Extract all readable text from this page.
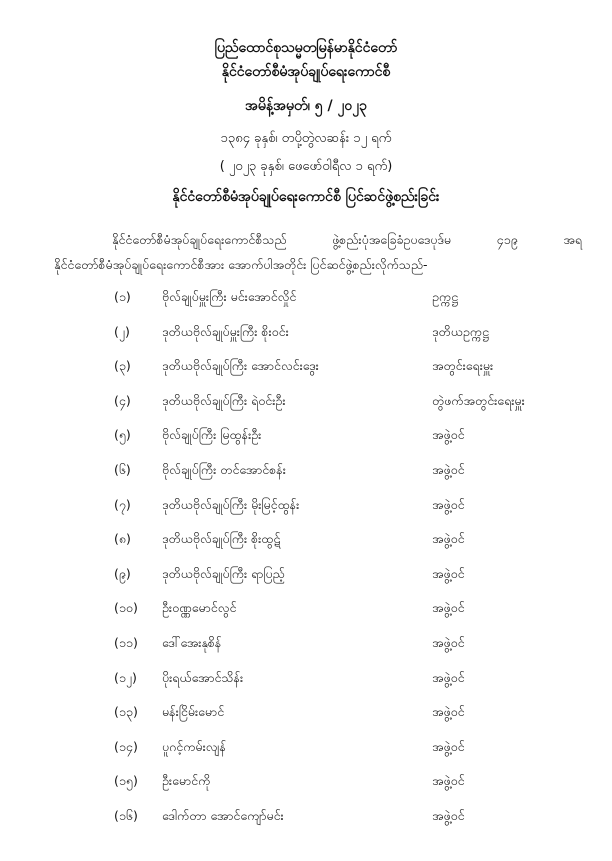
ပြည်ထောင်စုသမ္မတမြန်မာနိုင်ငံတော်
နိုင်ငံတော်စီမံအုပ်ချုပ်ရေးကောင်စီ
အမိန့်အမှတ်၊ ၅ / ၂၀၂၃
၁၃၈၄ ခုနှစ်၊ တပို့တွဲလဆန်း ၁၂ ရက်
( ၂၀၂၃ ခုနှစ်၊ ဖေဖော်ဝါရီလ ၁ ရက်)
နိုင်ငံတော်စီမံအုပ်ချုပ်ရေးကောင်စီ ပြင်ဆင်ဖွဲ့စည်းခြင်း
နိုင်ငံတော်စီမံအုပ်ချုပ်ရေးကောင်စီသည် ဖွဲ့စည်းပုံအခြေခံဥပဒေပုဒ်မ ၄၁၉ အရ
နိုင်ငံတော်စီမံအုပ်ချုပ်ရေးကောင်စီအား အောက်ပါအတိုင်း ပြင်ဆင်ဖွဲ့စည်းလိုက်သည်-
(၁) ဗိုလ်ချုပ်မှူးကြီး မင်းအောင်လှိုင်	ဥက္ကဋ္ဌ
(၂)	ဒုတိယဗိုလ်ချုပ်မှူးကြီး စိုးဝင်း	ဒုတိယဥက္ကဋ္ဌ
(၃) ဒုတိယဗိုလ်ချုပ်ကြီး အောင်လင်းဒွေး	အတွင်းရေးမှူး
(၄) ဒုတိယဗိုလ်ချုပ်ကြီး ရဲဝင်းဦး	တွဲဖက်အတွင်းရေးမှူး
(၅) ဗိုလ်ချုပ်ကြီး မြထွန်းဦး	အဖွဲ့ဝင်
(၆) ဗိုလ်ချုပ်ကြီး တင်အောင်စန်း	အဖွဲ့ဝင်
(၇) ဒုတိယဗိုလ်ချုပ်ကြီး မိုးမြင့်ထွန်း	အဖွဲ့ဝင်
(၈) ဒုတိယဗိုလ်ချုပ်ကြီး စိုးထွဋ်	အဖွဲ့ဝင်
(၉) ဒုတိယဗိုလ်ချုပ်ကြီး ရာပြည့်	အဖွဲ့ဝင်
(၁၀) ဦးဝဏ္ဏမောင်လွင်	အဖွဲ့ဝင်
(၁၁) ဒေါ်အေးနုစိန်	အဖွဲ့ဝင်
(၁၂) ပိုးရယ်အောင်သိန်း	အဖွဲ့ဝင်
(၁၃) မန်းငြိမ်းမောင်	အဖွဲ့ဝင်
(၁၄) ပူဂင့်ကမ်းလျန်	အဖွဲ့ဝင်
(၁၅) ဦးမောင်ကို	အဖွဲ့ဝင်
(၁၆) ဒေါက်တာ အောင်ကျော်မင်း	အဖွဲ့ဝင်
